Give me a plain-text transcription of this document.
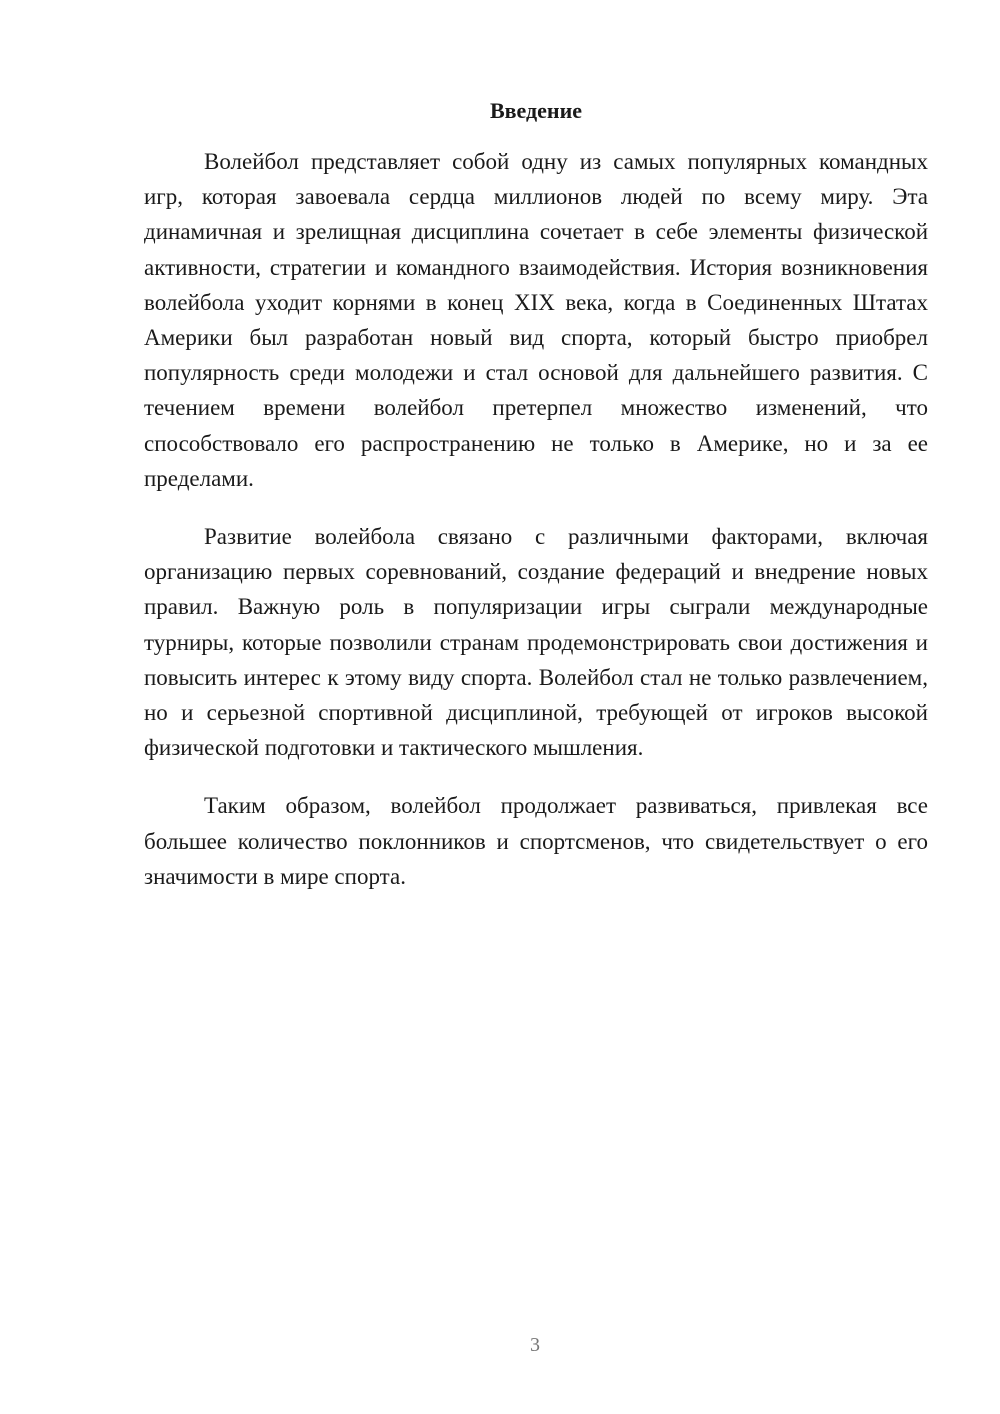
Введение

Волейбол представляет собой одну из самых популярных командных игр, которая завоевала сердца миллионов людей по всему миру. Эта динамичная и зрелищная дисциплина сочетает в себе элементы физической активности, стратегии и командного взаимодействия. История возникновения волейбола уходит корнями в конец XIX века, когда в Соединенных Штатах Америки был разработан новый вид спорта, который быстро приобрел популярность среди молодежи и стал основой для дальнейшего развития. С течением времени волейбол претерпел множество изменений, что способствовало его распространению не только в Америке, но и за ее пределами.

Развитие волейбола связано с различными факторами, включая организацию первых соревнований, создание федераций и внедрение новых правил. Важную роль в популяризации игры сыграли международные турниры, которые позволили странам продемонстрировать свои достижения и повысить интерес к этому виду спорта. Волейбол стал не только развлечением, но и серьезной спортивной дисциплиной, требующей от игроков высокой физической подготовки и тактического мышления.

Таким образом, волейбол продолжает развиваться, привлекая все большее количество поклонников и спортсменов, что свидетельствует о его значимости в мире спорта.

3
